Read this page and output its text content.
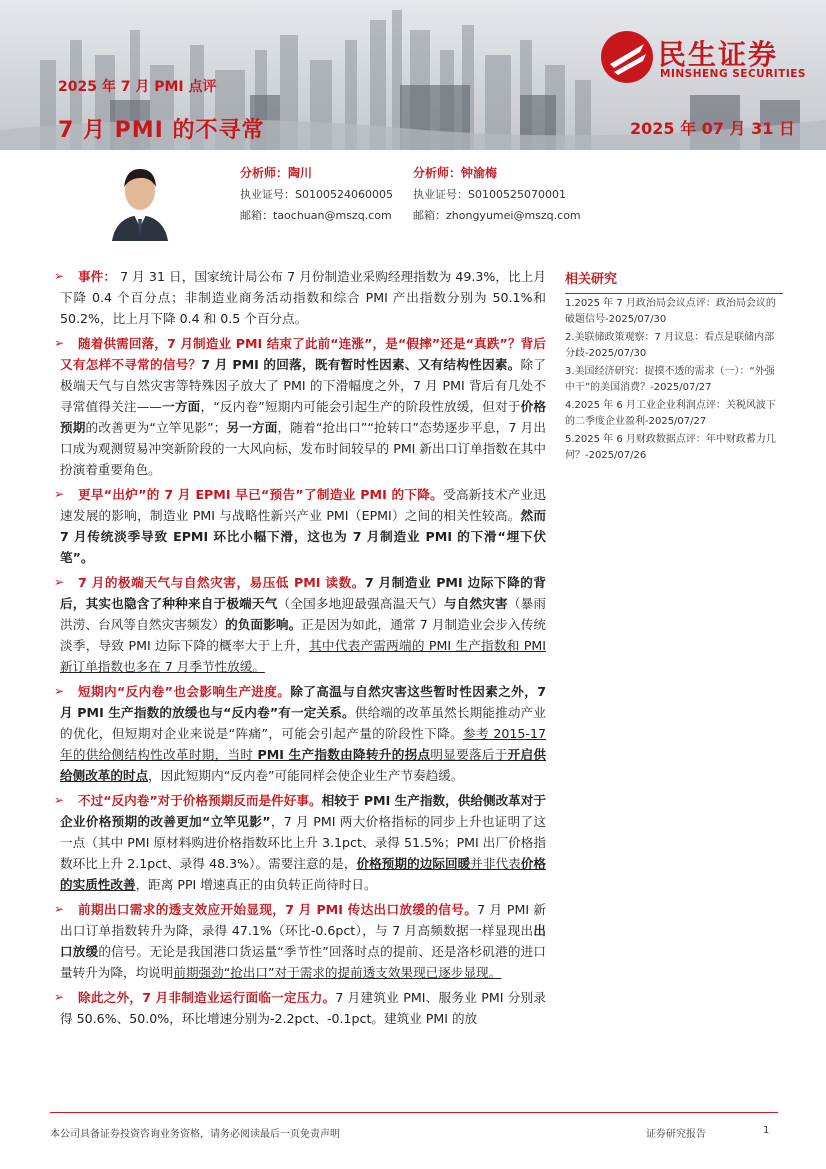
2025 年 7 月 PMI 点评
7 月 PMI 的不寻常	2025 年 07 月 31 日
民生证券
MINSHENG SECURITIES
分析师：陶川
执业证号：S0100524060005
邮箱：taochuan@mszq.com
分析师：钟渝梅
执业证号：S0100525070001
邮箱：zhongyumei@mszq.com
➢	事件： 7 月 31 日，国家统计局公布 7 月份制造业采购经理指数为 49.3%，比上月下降 0.4 个百分点；非制造业商务活动指数和综合 PMI 产出指数分别为 50.1%和 50.2%，比上月下降 0.4 和 0.5 个百分点。

➢	随着供需回落，7 月制造业 PMI 结束了此前“连涨”，是“假摔”还是“真跌”？背后又有怎样不寻常的信号？7 月 PMI 的回落，既有暂时性因素、又有结构性因素。除了极端天气与自然灾害等特殊因子放大了 PMI 的下滑幅度之外，7 月 PMI 背后有几处不寻常值得关注——一方面，“反内卷”短期内可能会引起生产的阶段性放缓，但对于价格预期的改善更为“立竿见影”；另一方面，随着“抢出口”“抢转口”态势逐步平息，7 月出口成为观测贸易冲突新阶段的一大风向标，发布时间较早的 PMI 新出口订单指数在其中扮演着重要角色。

➢	更早“出炉”的 7 月 EPMI 早已“预告”了制造业 PMI 的下降。受高新技术产业迅速发展的影响，制造业 PMI 与战略性新兴产业 PMI（EPMI）之间的相关性较高。然而 7 月传统淡季导致 EPMI 环比小幅下滑，这也为 7 月制造业 PMI 的下滑“埋下伏笔”。

➢	7 月的极端天气与自然灾害，易压低 PMI 读数。7 月制造业 PMI 边际下降的背后，其实也隐含了种种来自于极端天气（全国多地迎最强高温天气）与自然灾害（暴雨洪涝、台风等自然灾害频发）的负面影响。正是因为如此，通常 7 月制造业会步入传统淡季，导致 PMI 边际下降的概率大于上升，其中代表产需两端的 PMI 生产指数和 PMI 新订单指数也多在 7 月季节性放缓。

➢	短期内“反内卷”也会影响生产进度。除了高温与自然灾害这些暂时性因素之外，7 月 PMI 生产指数的放缓也与“反内卷”有一定关系。供给端的改革虽然长期能推动产业的优化，但短期对企业来说是“阵痛”，可能会引起产量的阶段性下降。参考 2015-17 年的供给侧结构性改革时期，当时 PMI 生产指数由降转升的拐点明显要落后于开启供给侧改革的时点，因此短期内“反内卷”可能同样会使企业生产节奏趋缓。

➢	不过“反内卷”对于价格预期反而是件好事。相较于 PMI 生产指数，供给侧改革对于企业价格预期的改善更加“立竿见影”，7 月 PMI 两大价格指标的同步上升也证明了这一点（其中 PMI 原材料购进价格指数环比上升 3.1pct、录得 51.5%；PMI 出厂价格指数环比上升 2.1pct、录得 48.3%）。需要注意的是，价格预期的边际回暖并非代表价格的实质性改善，距离 PPI 增速真正的由负转正尚待时日。

➢	前期出口需求的透支效应开始显现，7 月 PMI 传达出口放缓的信号。7 月 PMI 新出口订单指数转升为降，录得 47.1%（环比-0.6pct），与 7 月高频数据一样显现出出口放缓的信号。无论是我国港口货运量“季节性”回落时点的提前、还是洛杉矶港的进口量转升为降，均说明前期强劲“抢出口”对于需求的提前透支效果现已逐步显现。

➢	除此之外，7 月非制造业运行面临一定压力。7 月建筑业 PMI、服务业 PMI 分别录得 50.6%、50.0%，环比增速分别为-2.2pct、-0.1pct。建筑业 PMI 的放

相关研究
1.2025 年 7 月政治局会议点评：政治局会议的破题信号-2025/07/30
2.美联储政策观察：7 月议息：看点是联储内部分歧-2025/07/30
3.美国经济研究：捉摸不透的需求（一）：“外强中干”的美国消费？-2025/07/27
4.2025 年 6 月工业企业利润点评：关税风波下的二季度企业盈利-2025/07/27
5.2025 年 6 月财政数据点评：年中财政蓄力几何？-2025/07/26
本公司具备证券投资咨询业务资格，请务必阅读最后一页免责声明	证券研究报告	1
